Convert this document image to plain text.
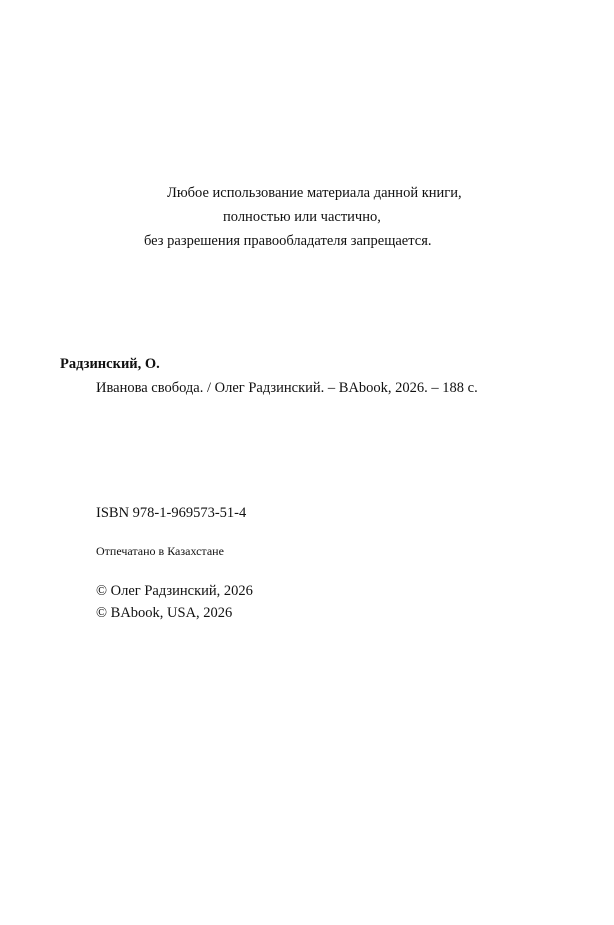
Любое использование материала данной книги,
полностью или частично,
без разрешения правообладателя запрещается.
Радзинский, О.
Иванова свобода. / Олег Радзинский. – BAbook, 2026. – 188 с.
ISBN 978-1-969573-51-4
Отпечатано в Казахстане
© Олег Радзинский, 2026
© BAbook, USA, 2026
